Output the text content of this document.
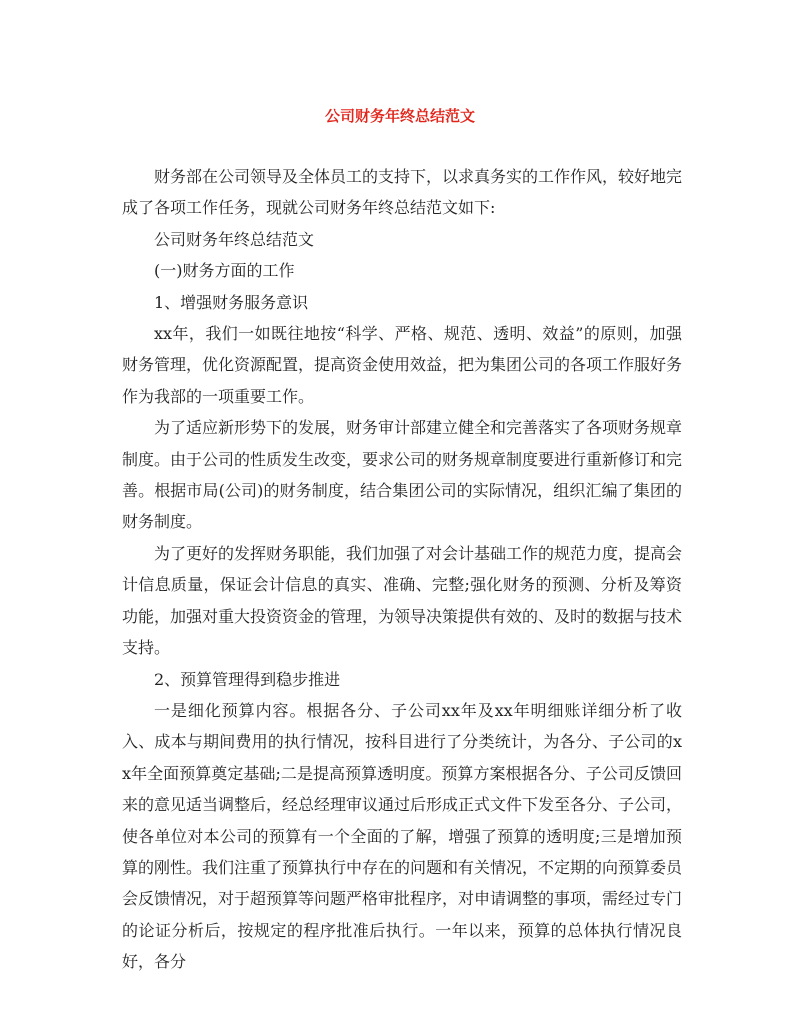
公司财务年终总结范文

财务部在公司领导及全体员工的支持下，以求真务实的工作作风，较好地完成了各项工作任务，现就公司财务年终总结范文如下:

公司财务年终总结范文

(一)财务方面的工作

1、增强财务服务意识

xx年，我们一如既往地按“科学、严格、规范、透明、效益”的原则，加强财务管理，优化资源配置，提高资金使用效益，把为集团公司的各项工作服好务作为我部的一项重要工作。

为了适应新形势下的发展，财务审计部建立健全和完善落实了各项财务规章制度。由于公司的性质发生改变，要求公司的财务规章制度要进行重新修订和完善。根据市局(公司)的财务制度，结合集团公司的实际情况，组织汇编了集团的财务制度。

为了更好的发挥财务职能，我们加强了对会计基础工作的规范力度，提高会计信息质量，保证会计信息的真实、准确、完整;强化财务的预测、分析及筹资功能，加强对重大投资资金的管理，为领导决策提供有效的、及时的数据与技术支持。

2、预算管理得到稳步推进

一是细化预算内容。根据各分、子公司xx年及xx年明细账详细分析了收入、成本与期间费用的执行情况，按科目进行了分类统计，为各分、子公司的xx年全面预算奠定基础;二是提高预算透明度。预算方案根据各分、子公司反馈回来的意见适当调整后，经总经理审议通过后形成正式文件下发至各分、子公司，使各单位对本公司的预算有一个全面的了解，增强了预算的透明度;三是增加预算的刚性。我们注重了预算执行中存在的问题和有关情况，不定期的向预算委员会反馈情况，对于超预算等问题严格审批程序，对申请调整的事项，需经过专门的论证分析后，按规定的程序批准后执行。一年以来，预算的总体执行情况良好，各分
